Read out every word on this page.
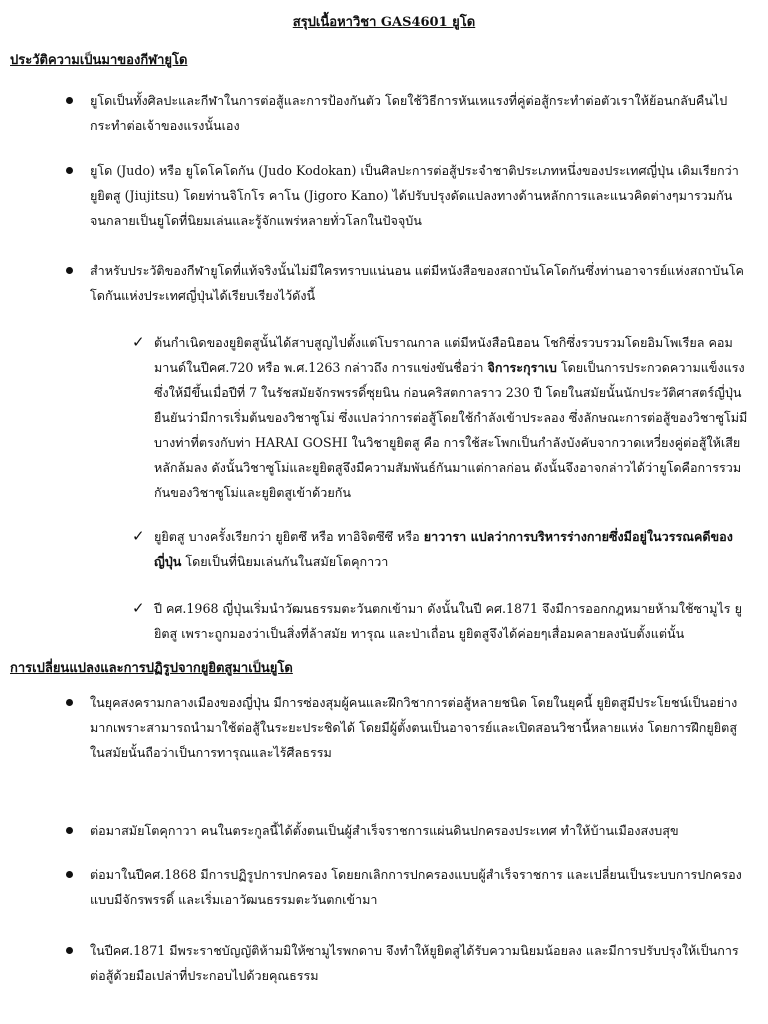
สรุปเนื้อหาวิชา GAS4601 ยูโด
ประวัติความเป็นมาของกีฬายูโด
ยูโดเป็นทั้งศิลปะและกีฬาในการต่อสู้และการป้องกันตัว โดยใช้วิธีการหันเหแรงที่คู่ต่อสู้กระทำต่อตัวเราให้ย้อนกลับคืนไปกระทำต่อเจ้าของแรงนั้นเอง
ยูโด (Judo) หรือ ยูโดโคโดกัน (Judo Kodokan) เป็นศิลปะการต่อสู้ประจำชาติประเภทหนึ่งของประเทศญี่ปุ่น เดิมเรียกว่า ยูยิตสู (Jiujitsu) โดยท่านจิโกโร คาโน (Jigoro Kano) ได้ปรับปรุงดัดแปลงทางด้านหลักการและแนวคิดต่างๆมารวมกัน จนกลายเป็นยูโดที่นิยมเล่นและรู้จักแพร่หลายทั่วโลกในปัจจุบัน
สำหรับประวัติของกีฬายูโดที่แท้จริงนั้นไม่มีใครทราบแน่นอน แต่มีหนังสือของสถาบันโคโดกันซึ่งท่านอาจารย์แห่งสถาบันโคโดกันแห่งประเทศญี่ปุ่นได้เรียบเรียงไว้ดังนี้
✓ ต้นกำเนิดของยูยิตสูนั้นได้สาบสูญไปตั้งแต่โบราณกาล แต่มีหนังสือนิฮอน โชกิซึ่งรวบรวมโดยอิมโพเรียล คอมมานด์ในปีคศ.720 หรือ พ.ศ.1263 กล่าวถึง การแข่งขันชื่อว่า จิการะกุราเบ โดยเป็นการประกวดความแข็งแรงซึ่งให้มีขึ้นเมื่อปีที่ 7 ในรัชสมัยจักรพรรดิ์ซุยนิน ก่อนคริสตกาลราว 230 ปี โดยในสมัยนั้นนักประวัติศาสตร์ญี่ปุ่นยืนยันว่ามีการเริ่มต้นของวิชาซูโม่ ซึ่งแปลว่าการต่อสู้โดยใช้กำลังเข้าประลอง ซึ่งลักษณะการต่อสู้ของวิชาซูโม่มีบางท่าที่ตรงกับท่า HARAI GOSHI ในวิชายูยิตสู คือ การใช้สะโพกเป็นกำลังบังคับจากวาดเหวี่ยงคู่ต่อสู้ให้เสียหลักล้มลง ดังนั้นวิชาซูโม่และยูยิตสูจึงมีความสัมพันธ์กันมาแต่กาลก่อน ดังนั้นจึงอาจกล่าวได้ว่ายูโดคือการรวมกันของวิชาซูโม่และยูยิตสูเข้าด้วยกัน
✓ ยูยิตสู บางครั้งเรียกว่า ยูยิตซึ หรือ ทาอิจิตซึซึ หรือ ยาวารา แปลว่าการบริหารร่างกายซึ่งมีอยู่ในวรรณคดีของญี่ปุ่น โดยเป็นที่นิยมเล่นกันในสมัยโตคุกาวา
✓ ปี คศ.1968 ญี่ปุ่นเริ่มนำวัฒนธรรมตะวันตกเข้ามา ดังนั้นในปี คศ.1871 จึงมีการออกกฎหมายห้ามใช้ซามูไร ยูยิตสู เพราะถูกมองว่าเป็นสิ่งที่ล้าสมัย ทารุณ และป่าเถื่อน ยูยิตสูจึงได้ค่อยๆเสื่อมคลายลงนับตั้งแต่นั้น
การเปลี่ยนแปลงและการปฏิรูปจากยูยิตสูมาเป็นยูโด
ในยุคสงครามกลางเมืองของญี่ปุ่น มีการซ่องสุมผู้คนและฝึกวิชาการต่อสู้หลายชนิด โดยในยุคนี้ ยูยิตสูมีประโยชน์เป็นอย่างมากเพราะสามารถนำมาใช้ต่อสู้ในระยะประชิดได้ โดยมีผู้ตั้งตนเป็นอาจารย์และเปิดสอนวิชานี้หลายแห่ง โดยการฝึกยูยิตสูในสมัยนั้นถือว่าเป็นการทารุณและไร้ศีลธรรม
ต่อมาสมัยโตคุกาวา คนในตระกูลนี้ได้ตั้งตนเป็นผู้สำเร็จราชการแผ่นดินปกครองประเทศ ทำให้บ้านเมืองสงบสุข
ต่อมาในปีคศ.1868 มีการปฏิรูปการปกครอง โดยยกเลิกการปกครองแบบผู้สำเร็จราชการ และเปลี่ยนเป็นระบบการปกครองแบบมีจักรพรรดิ์ และเริ่มเอาวัฒนธรรมตะวันตกเข้ามา
ในปีคศ.1871 มีพระราชบัญญัติห้ามมิให้ซามูไรพกดาบ จึงทำให้ยูยิตสูได้รับความนิยมน้อยลง และมีการปรับปรุงให้เป็นการต่อสู้ด้วยมือเปล่าที่ประกอบไปด้วยคุณธรรม
